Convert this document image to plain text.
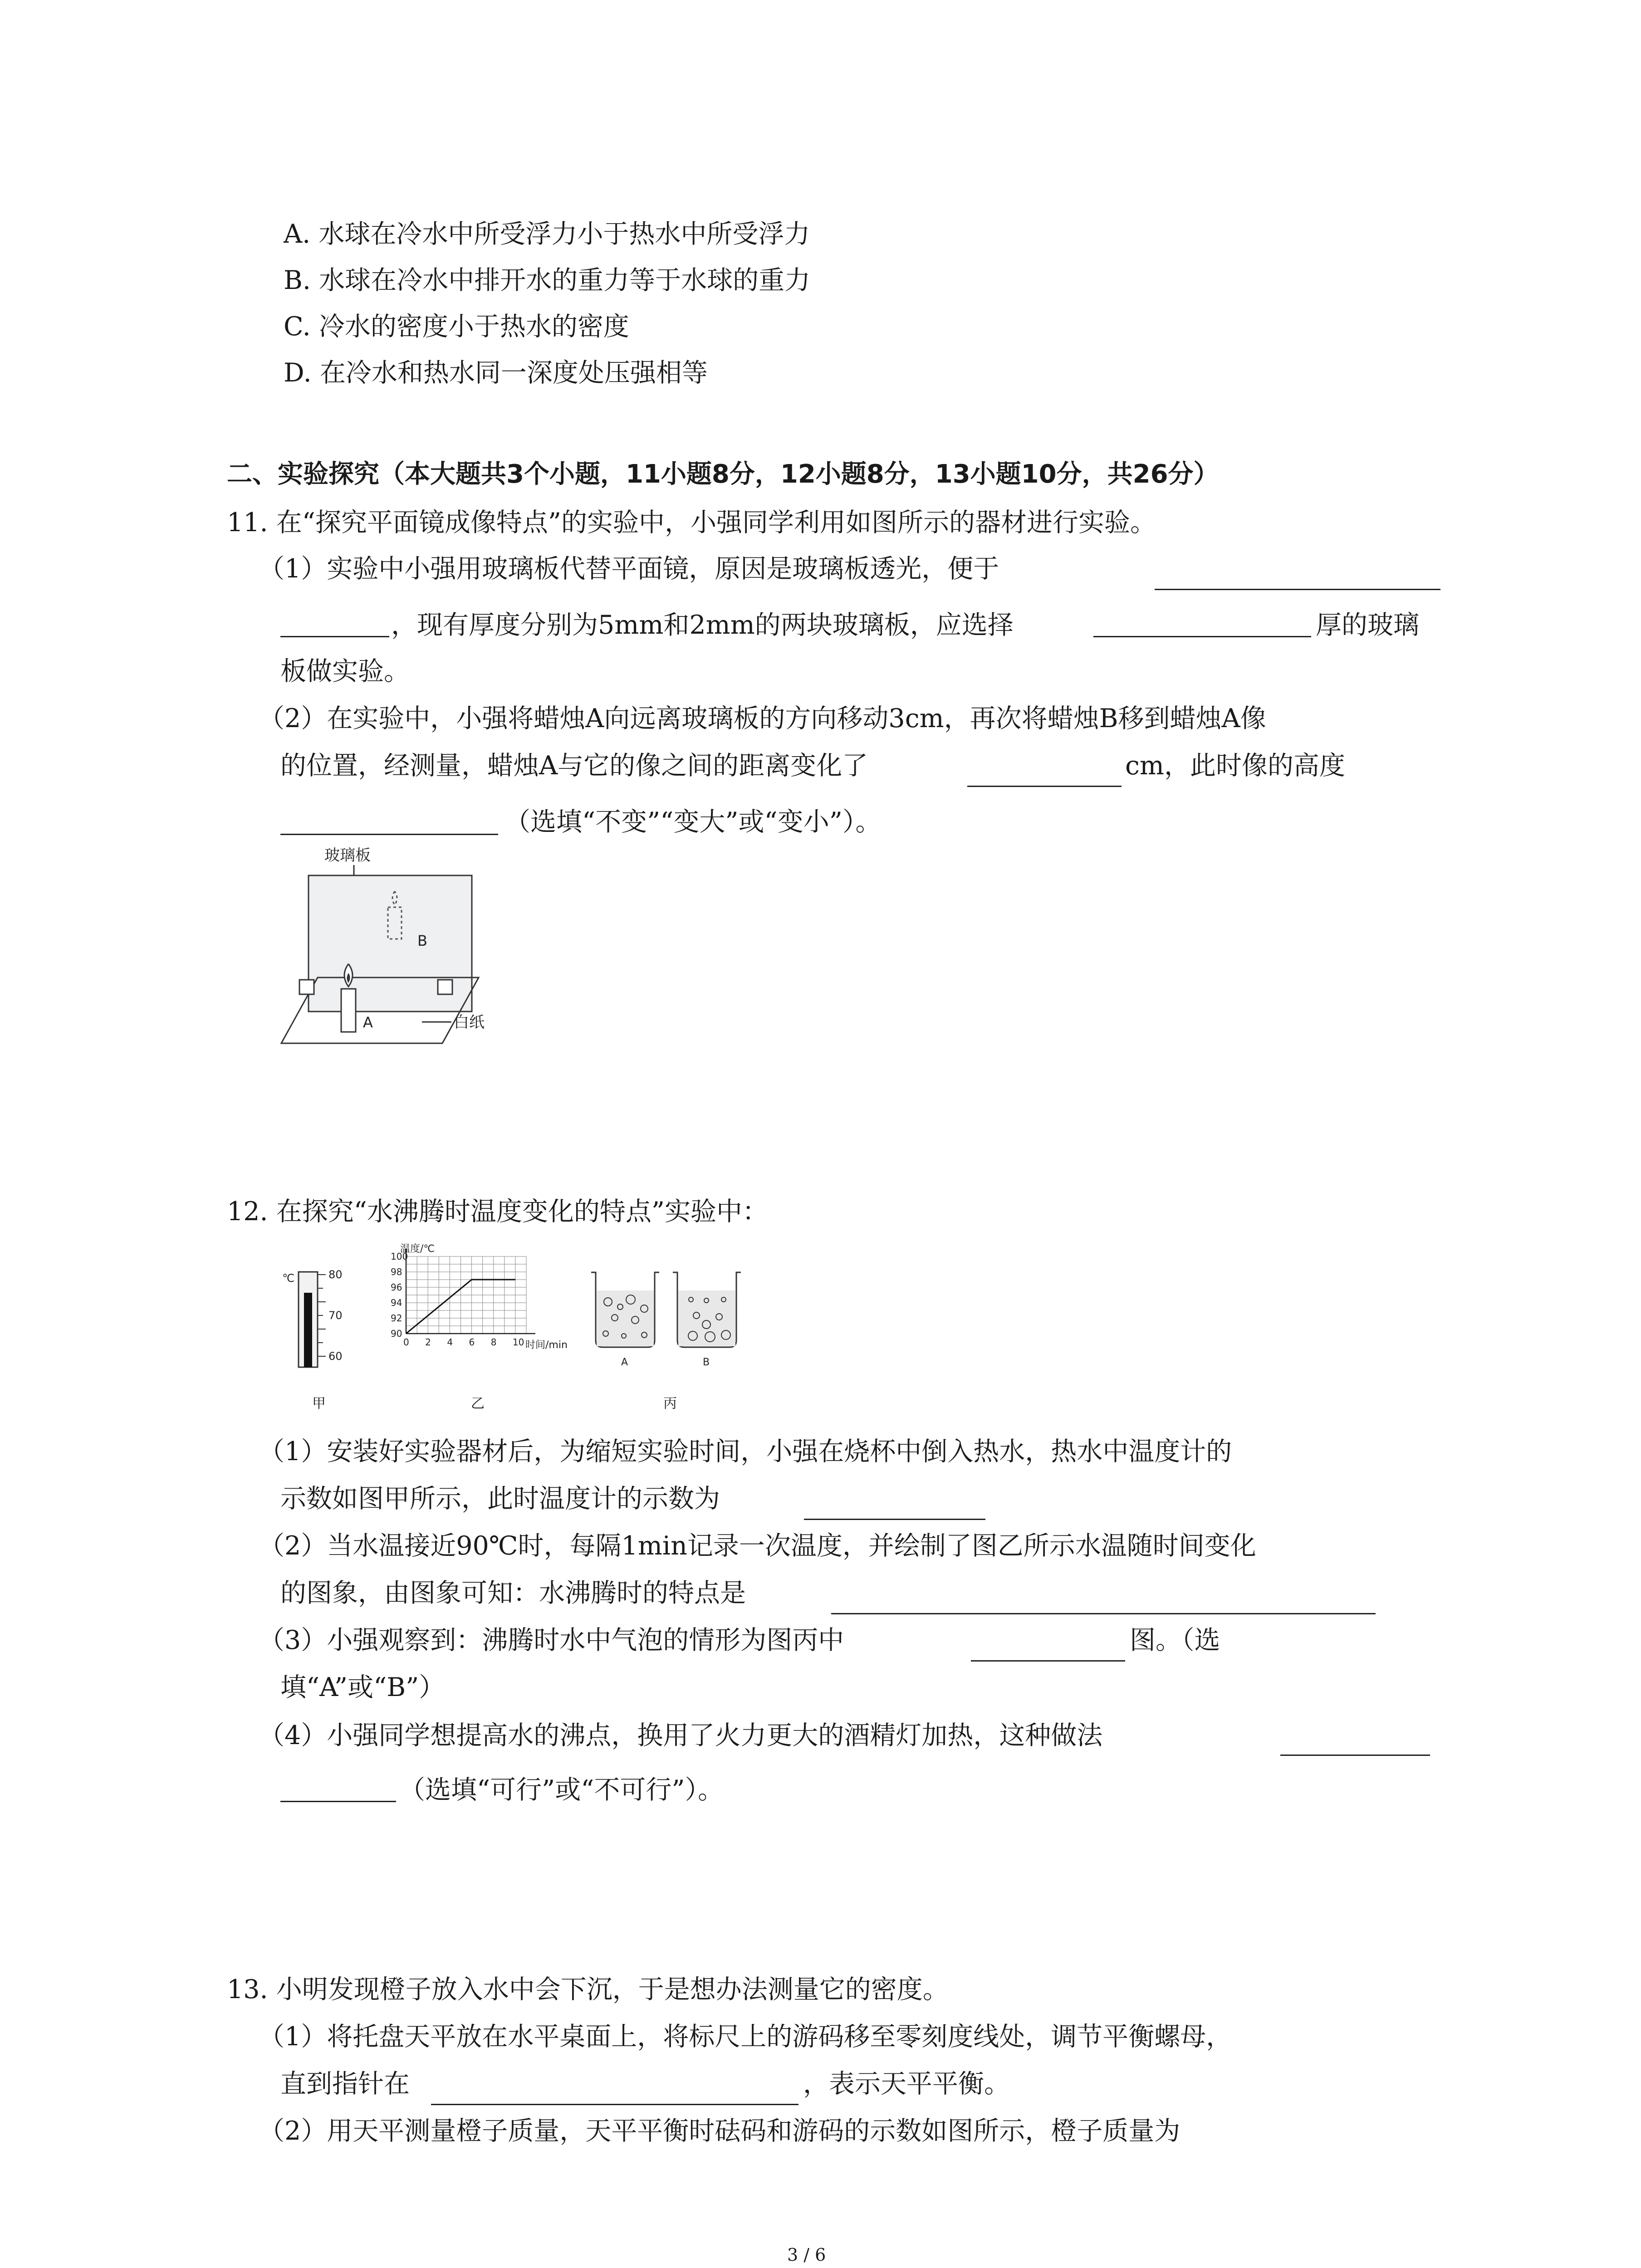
A. 水球在冷水中所受浮力小于热水中所受浮力
B. 水球在冷水中排开水的重力等于水球的重力
C. 冷水的密度小于热水的密度
D. 在冷水和热水同一深度处压强相等
二、实验探究（本大题共3个小题，11小题8分，12小题8分，13小题10分，共26分）
11. 在“探究平面镜成像特点”的实验中，小强同学利用如图所示的器材进行实验。
（1）实验中小强用玻璃板代替平面镜，原因是玻璃板透光，便于
，现有厚度分别为5mm和2mm的两块玻璃板，应选择	厚的玻璃
板做实验。
（2）在实验中，小强将蜡烛A向远离玻璃板的方向移动3cm，再次将蜡烛B移到蜡烛A像
的位置，经测量，蜡烛A与它的像之间的距离变化了	cm，此时像的高度
（选填“不变”“变大”或“变小”）。
玻璃板
B
A	白纸
12. 在探究“水沸腾时温度变化的特点”实验中：
℃	80
70
60
温度/℃
时间/min
0 2 4 6 8 10
90
92
94
96
98
100
A	B
甲	乙	丙
（1）安装好实验器材后，为缩短实验时间，小强在烧杯中倒入热水，热水中温度计的
示数如图甲所示，此时温度计的示数为
（2）当水温接近90℃时，每隔1min记录一次温度，并绘制了图乙所示水温随时间变化
的图象，由图象可知：水沸腾时的特点是
（3）小强观察到：沸腾时水中气泡的情形为图丙中	图。（选
填“A”或“B”）
（4）小强同学想提高水的沸点，换用了火力更大的酒精灯加热，这种做法
（选填“可行”或“不可行”）。
13. 小明发现橙子放入水中会下沉，于是想办法测量它的密度。
（1）将托盘天平放在水平桌面上，将标尺上的游码移至零刻度线处，调节平衡螺母，
直到指针在	，表示天平平衡。
（2）用天平测量橙子质量，天平平衡时砝码和游码的示数如图所示，橙子质量为
3 / 6
